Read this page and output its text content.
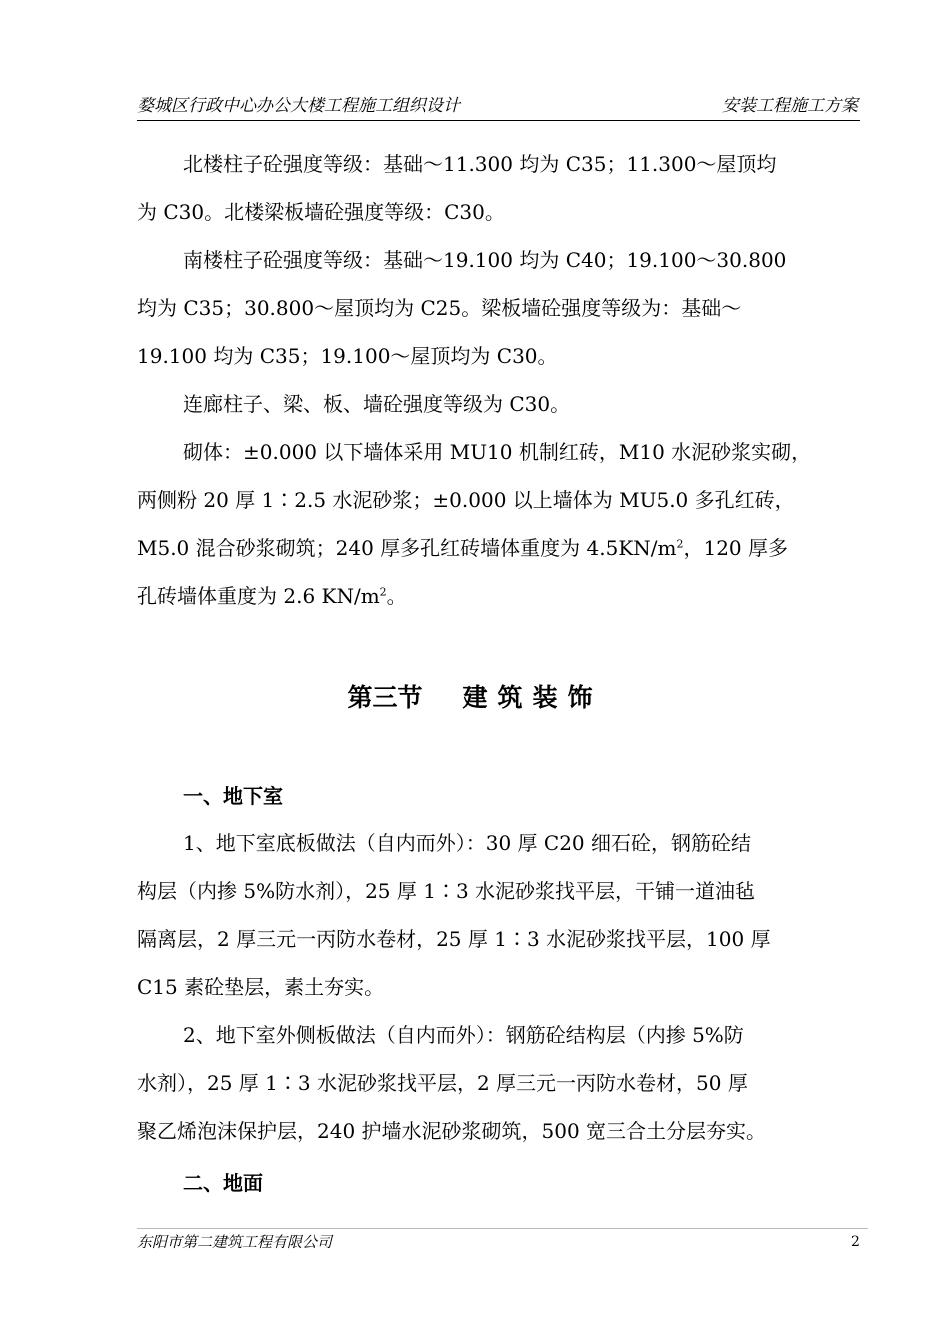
婺城区行政中心办公大楼工程施工组织设计	安装工程施工方案
北楼柱子砼强度等级：基础～11.300 均为 C35；11.300～屋顶均
为 C30。北楼梁板墙砼强度等级：C30。
南楼柱子砼强度等级：基础～19.100 均为 C40；19.100～30.800
均为 C35；30.800～屋顶均为 C25。梁板墙砼强度等级为：基础～
19.100 均为 C35；19.100～屋顶均为 C30。
连廊柱子、梁、板、墙砼强度等级为 C30。
砌体：±0.000 以下墙体采用 MU10 机制红砖，M10 水泥砂浆实砌，
两侧粉 20 厚 1∶2.5 水泥砂浆；±0.000 以上墙体为 MU5.0 多孔红砖，
M5.0 混合砂浆砌筑；240 厚多孔红砖墙体重度为 $4.5KN/m^2$，120 厚多
孔砖墙体重度为 2.6 $KN/m^2$。
第三节 建筑装饰
一、地下室
1、地下室底板做法（自内而外）：30 厚 C20 细石砼，钢筋砼结
构层（内掺 5%防水剂），25 厚 1∶3 水泥砂浆找平层，干铺一道油毡
隔离层，2 厚三元一丙防水卷材，25 厚 1∶3 水泥砂浆找平层，100 厚
C15 素砼垫层，素土夯实。
2、地下室外侧板做法（自内而外）：钢筋砼结构层（内掺 5%防
水剂），25 厚 1∶3 水泥砂浆找平层，2 厚三元一丙防水卷材，50 厚
聚乙烯泡沫保护层，240 护墙水泥砂浆砌筑，500 宽三合土分层夯实。
二、地面
东阳市第二建筑工程有限公司	2
